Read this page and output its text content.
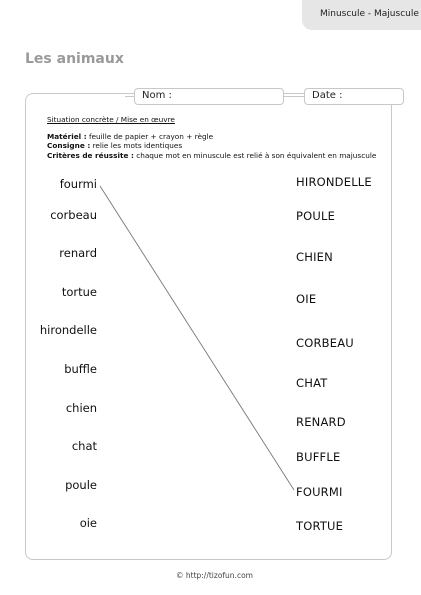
Minuscule - Majuscule
Les animaux
Nom :	Date :
Situation concrète / Mise en œuvre
Matériel : feuille de papier + crayon + règle
Consigne : relie les mots identiques
Critères de réussite : chaque mot en minuscule est relié à son équivalent en majuscule
fourmi
corbeau
renard
tortue
hirondelle
buffle
chien
chat
poule
oie
HIRONDELLE
POULE
CHIEN
OIE
CORBEAU
CHAT
RENARD
BUFFLE
FOURMI
TORTUE
© http://tizofun.com
